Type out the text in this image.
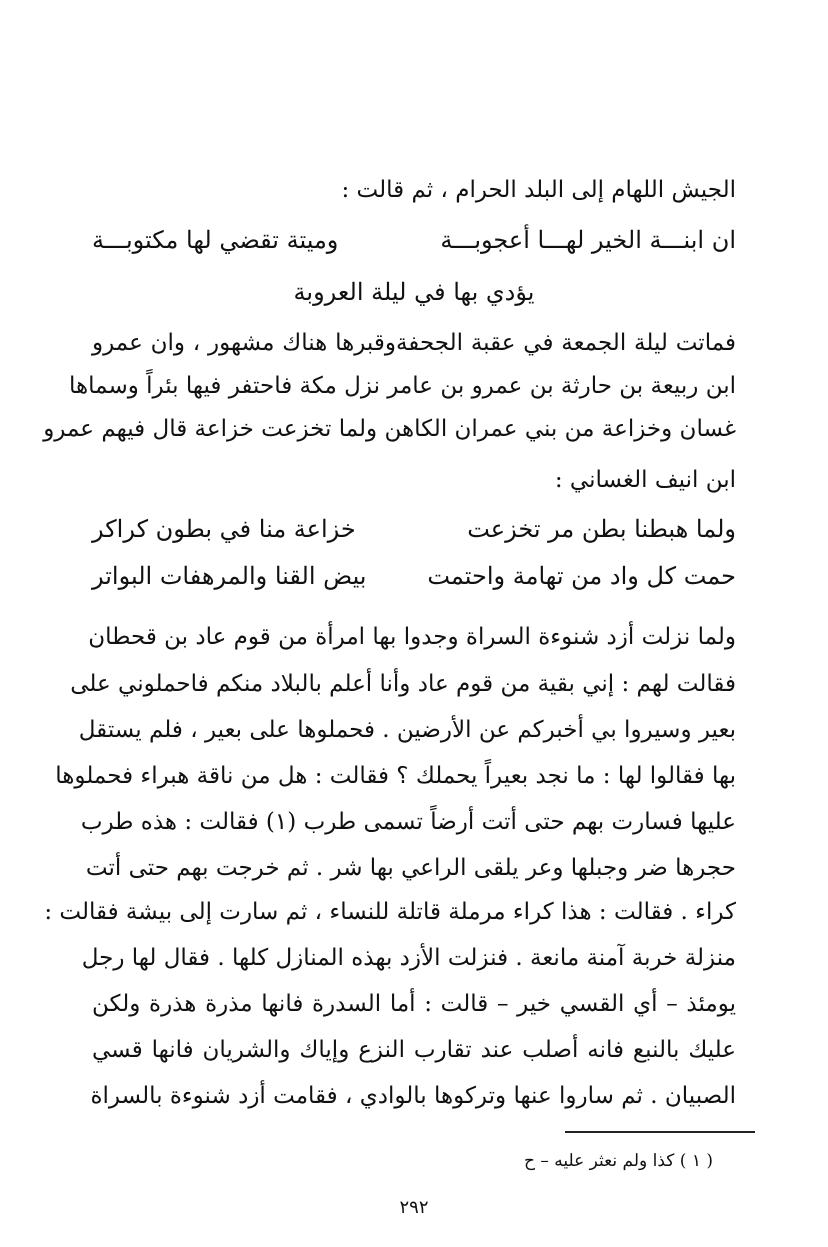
الجيش اللهام إلى البلد الحرام ، ثم قالت :
ان ابنـــة الخير لهـــا أعجوبـــة
وميتة تقضي لها مكتوبـــة
يؤدي بها في ليلة العروبة
فماتت ليلة الجمعة في عقبة الجحفةوقبرها هناك مشهور ، وان عمرو
ابن ربيعة بن حارثة بن عمرو بن عامر نزل مكة فاحتفر فيها بئراً وسماها
غسان وخزاعة من بني عمران الكاهن ولما تخزعت خزاعة قال فيهم عمرو
ابن انيف الغساني :
ولما هبطنا بطن مر تخزعت
خزاعة منا في بطون كراكر
حمت كل واد من تهامة واحتمت
بيض القنا والمرهفات البواتر
ولما نزلت أزد شنوءة السراة وجدوا بها امرأة من قوم عاد بن قحطان
فقالت لهم : إني بقية من قوم عاد وأنا أعلم بالبلاد منكم فاحملوني على
بعير وسيروا بي أخبركم عن الأرضين . فحملوها على بعير ، فلم يستقل
بها فقالوا لها : ما نجد بعيراً يحملك ؟ فقالت : هل من ناقة هبراء فحملوها
عليها فسارت بهم حتى أتت أرضاً تسمى طرب (١) فقالت : هذه طرب
حجرها ضر وجبلها وعر يلقى الراعي بها شر . ثم خرجت بهم حتى أتت
كراء . فقالت : هذا كراء مرملة قاتلة للنساء ، ثم سارت إلى بيشة فقالت :
منزلة خربة آمنة مانعة . فنزلت الأزد بهذه المنازل كلها . فقال لها رجل
يومئذ – أي القسي خير – قالت : أما السدرة فانها مذرة هذرة ولكن
عليك بالنبع فانه أصلب عند تقارب النزع وإياك والشريان فانها قسي
الصبيان . ثم ساروا عنها وتركوها بالوادي ، فقامت أزد شنوءة بالسراة
( ١ ) كذا ولم نعثر عليه – ح
٢٩٢
